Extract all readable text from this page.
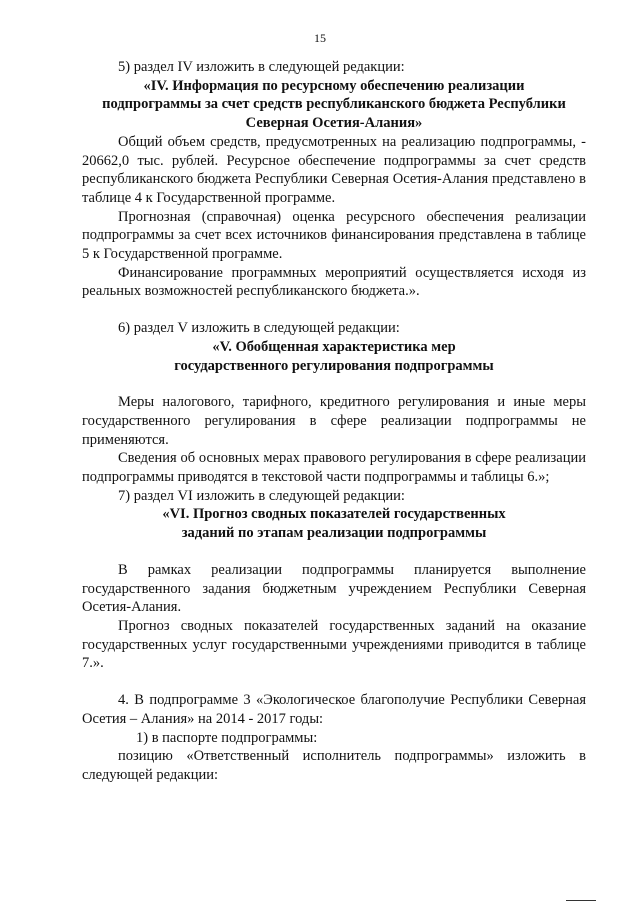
15

5) раздел IV изложить в следующей редакции:

«IV. Информация по ресурсному обеспечению реализации
подпрограммы за счет средств республиканского бюджета Республики
Северная Осетия-Алания»

Общий объем средств, предусмотренных на реализацию подпрограммы, - 20662,0 тыс. рублей. Ресурсное обеспечение подпрограммы за счет средств республиканского бюджета Республики Северная Осетия-Алания представлено в таблице 4 к Государственной программе.

Прогнозная (справочная) оценка ресурсного обеспечения реализации подпрограммы за счет всех источников финансирования представлена в таблице 5 к Государственной программе.

Финансирование программных мероприятий осуществляется исходя из реальных возможностей республиканского бюджета.».

6) раздел V изложить в следующей редакции:

«V. Обобщенная характеристика мер
государственного регулирования подпрограммы

Меры налогового, тарифного, кредитного регулирования и иные меры государственного регулирования в сфере реализации подпрограммы не применяются.

Сведения об основных мерах правового регулирования в сфере реализации подпрограммы приводятся в текстовой части подпрограммы и таблицы 6.»;

7) раздел VI изложить в следующей редакции:

«VI. Прогноз сводных показателей государственных
заданий по этапам реализации подпрограммы

В рамках реализации подпрограммы планируется выполнение государственного задания бюджетным учреждением Республики Северная Осетия-Алания.

Прогноз сводных показателей государственных заданий на оказание государственных услуг государственными учреждениями приводится в таблице 7.».

4. В подпрограмме 3 «Экологическое благополучие Республики Северная Осетия – Алания» на 2014 - 2017 годы:

1) в паспорте подпрограммы:

позицию «Ответственный исполнитель подпрограммы» изложить в следующей редакции:
